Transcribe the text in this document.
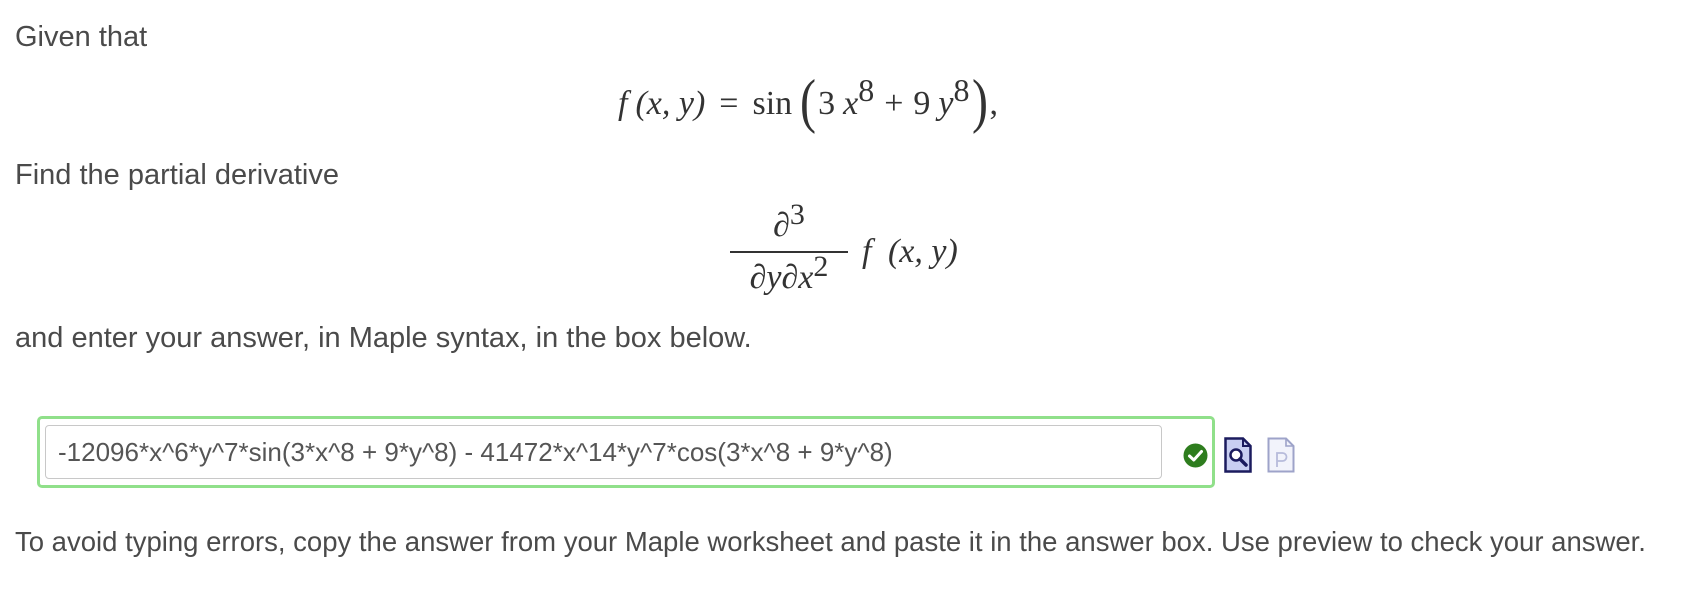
Given that
f (x, y) = sin ( 3 $x^8 + 9$ $y^8$ ) ,
Find the partial derivative
∂$^3$
$\partial y\partial x^2$ f (x, y)
and enter your answer, in Maple syntax, in the box below.
-12096*x^6*y^7*sin(3*x^8 + 9*y^8) - 41472*x^14*y^7*cos(3*x^8 + 9*y^8)
To avoid typing errors, copy the answer from your Maple worksheet and paste it in the answer box. Use preview to check your answer.
